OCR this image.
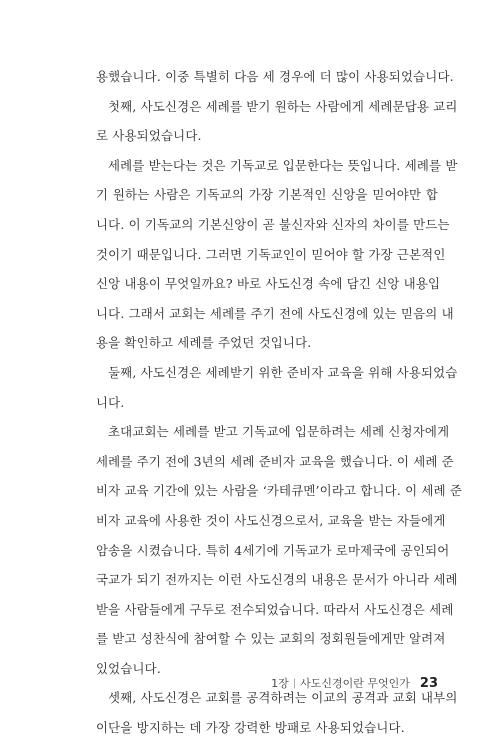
용했습니다. 이중 특별히 다음 세 경우에 더 많이 사용되었습니다.
첫째, 사도신경은 세례를 받기 원하는 사람에게 세례문답용 교리
로 사용되었습니다.
세례를 받는다는 것은 기독교로 입문한다는 뜻입니다. 세례를 받
기 원하는 사람은 기독교의 가장 기본적인 신앙을 믿어야만 합
니다. 이 기독교의 기본신앙이 곧 불신자와 신자의 차이를 만드는
것이기 때문입니다. 그러면 기독교인이 믿어야 할 가장 근본적인
신앙 내용이 무엇일까요? 바로 사도신경 속에 담긴 신앙 내용입
니다. 그래서 교회는 세례를 주기 전에 사도신경에 있는 믿음의 내
용을 확인하고 세례를 주었던 것입니다.
둘째, 사도신경은 세례받기 위한 준비자 교육을 위해 사용되었습
니다.
초대교회는 세례를 받고 기독교에 입문하려는 세례 신청자에게
세례를 주기 전에 3년의 세례 준비자 교육을 했습니다. 이 세례 준
비자 교육 기간에 있는 사람을 ‘카테큐멘’이라고 합니다. 이 세례 준
비자 교육에 사용한 것이 사도신경으로서, 교육을 받는 자들에게
암송을 시켰습니다. 특히 4세기에 기독교가 로마제국에 공인되어
국교가 되기 전까지는 이런 사도신경의 내용은 문서가 아니라 세례
받을 사람들에게 구두로 전수되었습니다. 따라서 사도신경은 세례
를 받고 성찬식에 참여할 수 있는 교회의 정회원들에게만 알려져
있었습니다.
셋째, 사도신경은 교회를 공격하려는 이교의 공격과 교회 내부의
이단을 방지하는 데 가장 강력한 방패로 사용되었습니다.
1장 | 사도신경이란 무엇인가 23
